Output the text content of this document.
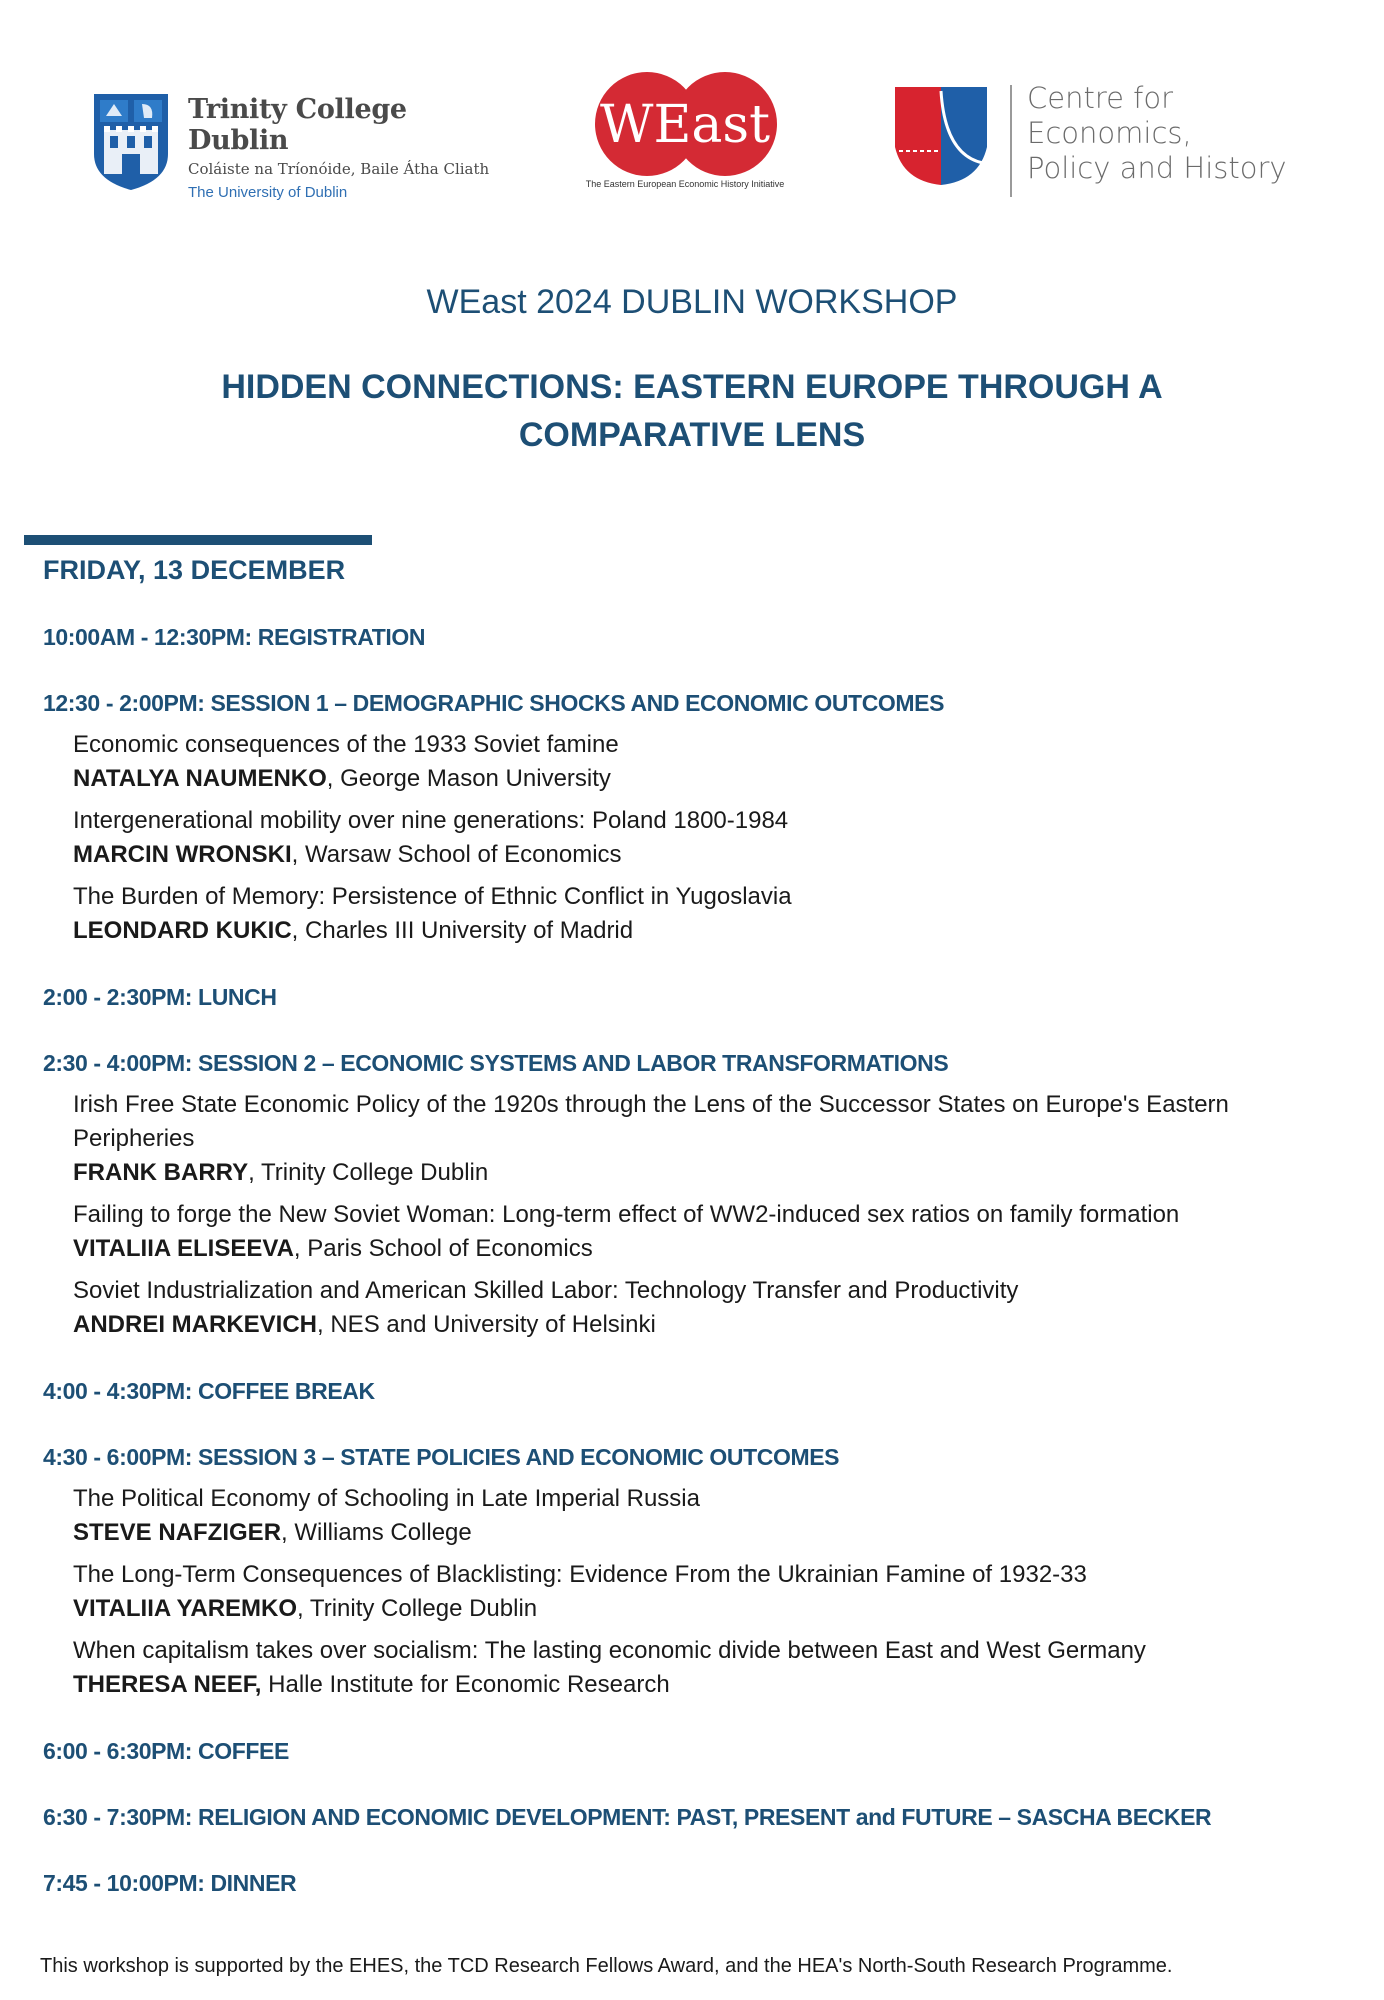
Trinity College Dublin
Coláiste na Tríonóide, Baile Átha Cliath
The University of Dublin
WEast
The Eastern European Economic History Initiative
Centre for
Economics,
Policy and History
WEast 2024 DUBLIN WORKSHOP
HIDDEN CONNECTIONS: EASTERN EUROPE THROUGH A COMPARATIVE LENS
FRIDAY, 13 DECEMBER
10:00AM - 12:30PM: REGISTRATION
12:30 - 2:00PM: SESSION 1 – DEMOGRAPHIC SHOCKS AND ECONOMIC OUTCOMES
Economic consequences of the 1933 Soviet famine
NATALYA NAUMENKO, George Mason University
Intergenerational mobility over nine generations: Poland 1800-1984
MARCIN WRONSKI, Warsaw School of Economics
The Burden of Memory: Persistence of Ethnic Conflict in Yugoslavia
LEONDARD KUKIC, Charles III University of Madrid
2:00 - 2:30PM: LUNCH
2:30 - 4:00PM: SESSION 2 – ECONOMIC SYSTEMS AND LABOR TRANSFORMATIONS
Irish Free State Economic Policy of the 1920s through the Lens of the Successor States on Europe's Eastern Peripheries
FRANK BARRY, Trinity College Dublin
Failing to forge the New Soviet Woman: Long-term effect of WW2-induced sex ratios on family formation
VITALIIA ELISEEVA, Paris School of Economics
Soviet Industrialization and American Skilled Labor: Technology Transfer and Productivity
ANDREI MARKEVICH, NES and University of Helsinki
4:00 - 4:30PM: COFFEE BREAK
4:30 - 6:00PM: SESSION 3 – STATE POLICIES AND ECONOMIC OUTCOMES
The Political Economy of Schooling in Late Imperial Russia
STEVE NAFZIGER, Williams College
The Long-Term Consequences of Blacklisting: Evidence From the Ukrainian Famine of 1932-33
VITALIIA YAREMKO, Trinity College Dublin
When capitalism takes over socialism: The lasting economic divide between East and West Germany
THERESA NEEF, Halle Institute for Economic Research
6:00 - 6:30PM: COFFEE
6:30 - 7:30PM: RELIGION AND ECONOMIC DEVELOPMENT: PAST, PRESENT and FUTURE – SASCHA BECKER
7:45 - 10:00PM: DINNER
This workshop is supported by the EHES, the TCD Research Fellows Award, and the HEA's North-South Research Programme.
